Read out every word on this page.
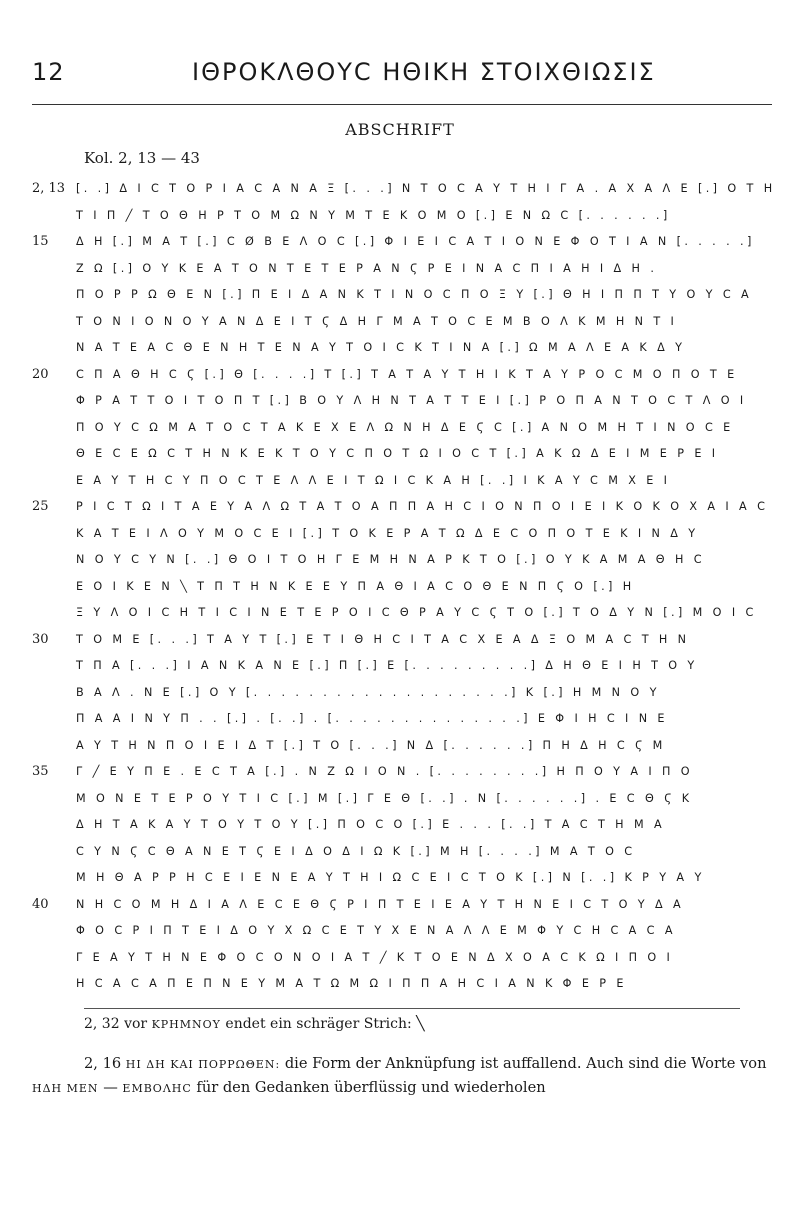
12	ΙΘΡΟΚΛΘΟΥС ΗΘΙΚΗ ΣΤΟΙΧΘΙΩΣΙΣ
ABSCHRIFT
Kol. 2, 13 — 43
2, 13 [. .] Δ Ι C Τ Ο Ρ Ι Α C Α Ν Α Ξ [. . .] Ν Τ Ο C Α Υ Τ Η Ι Γ Α . Α Χ Α Λ Ε [.] Ο Τ Η
Τ Ι Π ╱ Τ Ο Θ Η Ρ Τ Ο Μ Ω Ν Υ Μ Τ Ε Κ Ο Μ Ο [.] Ε Ν Ω C [. . . . . .]
15	Δ Η [.] Μ Α Τ [.] C Ø Β Ε Λ Ο C [.] Φ Ι Ε Ι C Α Τ Ι Ο Ν Ε Φ Ο Τ Ι Α Ν [. . . . .]
Ζ Ω [.] Ο Υ Κ Ε Α Τ Ο Ν Τ Ε Τ Ε Ρ Α Ν Ϛ Ρ Ε Ι Ν Α C Π Ι Α Η Ι Δ Η .
Π Ο Ρ Ρ Ω Θ Ε Ν [.] Π Ε Ι Δ Α Ν Κ Τ Ι Ν Ο C Π Ο Ξ Υ [.] Θ Η Ι Π Π Τ Υ Ο Υ C Α
Τ Ο Ν Ι Ο Ν Ο Υ Α Ν Δ Ε Ι Τ Ϛ Δ Η Γ Μ Α Τ Ο C Ε Μ Β Ο Λ Κ Μ Η Ν Τ Ι
Ν Α Τ Ε Α C Θ Ε Ν Η Τ Ε Ν Α Υ Τ Ο Ι C Κ Τ Ι Ν Α [.] Ω Μ Α Λ Ε Α Κ Δ Υ
20	C Π Α Θ Η C Ϛ [.] Θ [. . . .] Τ [.] Τ Α Τ Α Υ Τ Η Ι Κ Τ Α Υ Ρ Ο C Μ Ο Π Ο Τ Ε
Φ Ρ Α Τ Τ Ο Ι Τ Ο Π Τ [.] Β Ο Υ Λ Η Ν Τ Α Τ Τ Ε Ι [.] Ρ Ο Π Α Ν Τ Ο C Τ Λ Ο Ι
Π Ο Υ C Ω Μ Α Τ Ο C Τ Α Κ Ε Χ Ε Λ Ω Ν Η Δ Ε Ϛ C [.] Α Ν Ο Μ Η Τ Ι Ν Ο C Ε
Θ Ε C Ε Ω C Τ Η Ν Κ Ε Κ Τ Ο Υ C Π Ο Τ Ω Ι Ο C Τ [.] Α Κ Ω Δ Ε Ι Μ Ε Ρ Ε Ι
Ε Α Υ Τ Η C Υ Π Ο C Τ Ε Λ Λ Ε Ι Τ Ω Ι C Κ Α Η [. .] Ι Κ Α Υ C Μ Χ Ε Ι
25	Ρ Ι C Τ Ω Ι Τ Α Ε Υ Α Λ Ω Τ Α Τ Ο Α Π Π Α Η C Ι Ο Ν Π Ο Ι Ε Ι Κ Ο Κ Ο Χ Α Ι Α C
Κ Α Τ Ε Ι Λ Ο Υ Μ Ο C Ε Ι [.] Τ Ο Κ Ε Ρ Α Τ Ω Δ Ε C Ο Π Ο Τ Ε Κ Ι Ν Δ Υ
Ν Ο Υ C Υ Ν [. .] Θ Ο Ι Τ Ο Η Γ Ε Μ Η Ν Α Ρ Κ Τ Ο [.] Ο Υ Κ Α Μ Α Θ Η C
Ε Ο Ι Κ Ε Ν ╲ Τ Π Τ Η Ν Κ Ε Ε Υ Π Α Θ Ι Α C Ο Θ Ε Ν Π Ϛ Ο [.] Η
Ξ Υ Λ Ο Ι C Η Τ Ι C Ι Ν Ε Τ Ε Ρ Ο Ι C Θ Ρ Α Υ C Ϛ Τ Ο [.] Τ Ο Δ Υ Ν [.] Μ Ο Ι C
30	Τ Ο Μ Ε [. . .] Τ Α Υ Τ [.] Ε Τ Ι Θ Η C Ι Τ Α C Χ Ε Α Δ Ξ Ο Μ Α C Τ Η Ν
Τ Π Α [. . .] Ι Α Ν Κ Α Ν Ε [.] Π [.] Ε [. . . . . . . . .] Δ Η Θ Ε Ι Η Τ Ο Υ
Β Α Λ . Ν Ε [.] Ο Υ [. . . . . . . . . . . . . . . . . . .] Κ [.] Η Μ Ν Ο Υ
Π Α Α Ι Ν Υ Π . . [.] . [. .] . [. . . . . . . . . . . . . .] Ε Φ Ι Η C Ι Ν Ε
Α Υ Τ Η Ν Π Ο Ι Ε Ι Δ Τ [.] Τ Ο [. . .] Ν Δ [. . . . . .] Π Η Δ Η C Ϛ Μ
35	Γ ╱ Ε Υ Π Ε . Ε C Τ Α [.] . Ν Ζ Ω Ι Ο Ν . [. . . . . . . .] Η Π Ο Υ Α Ι Π Ο
Μ Ο Ν Ε Τ Ε Ρ Ο Υ Τ Ι C [.] Μ [.] Γ Ε Θ [. .] . Ν [. . . . . .] . Ε C Θ Ϛ Κ
Δ Η Τ Α Κ Α Υ Τ Ο Υ Τ Ο Υ [.] Π Ο C Ο [.] Ε . . . [. .] Τ Α C Τ Η Μ Α
C Υ Ν Ϛ C Θ Α Ν Ε Τ Ϛ Ε Ι Δ Ο Δ Ι Ω Κ [.] Μ Η [. . . .] Μ Α Τ Ο C
Μ Η Θ Α Ρ Ρ Η C Ε Ι Ε Ν Ε Α Υ Τ Η Ι Ω C Ε Ι C Τ Ο Κ [.] Ν [. .] Κ Ρ Υ Α Υ
40	Ν Η C Ο Μ Η Δ Ι Α Λ Ε C Ε Θ Ϛ Ρ Ι Π Τ Ε Ι Ε Α Υ Τ Η Ν Ε Ι C Τ Ο Υ Δ Α
Φ Ο C Ρ Ι Π Τ Ε Ι Δ Ο Υ Χ Ω C Ε Τ Υ Χ Ε Ν Α Λ Λ Ε Μ Φ Υ C Η C Α C Α
Γ Ε Α Υ Τ Η Ν Ε Φ Ο C Ο Ν Ο Ι Α Τ ╱ Κ Τ Ο Ε Ν Δ Χ Ο Α C Κ Ω Ι Π Ο Ι
Η C Α C Α Π Ε Π Ν Ε Υ Μ Α Τ Ω Μ Ω Ι Π Π Α Η C Ι Α Ν Κ Φ Ε Ρ Ε
2, 32 vor ΚΡΗΜΝΟΥ endet ein schräger Strich: ╲
2, 16 ΗΙ ΔΗ ΚΑΙ ΠΟΡΡΩΘΕΝ: die Form der Anknüpfung ist auffallend. Auch sind die Worte von ΗΔΗ ΜΕΝ — ΕΜΒΟΛΗC für den Gedanken überflüssig und wiederholen
